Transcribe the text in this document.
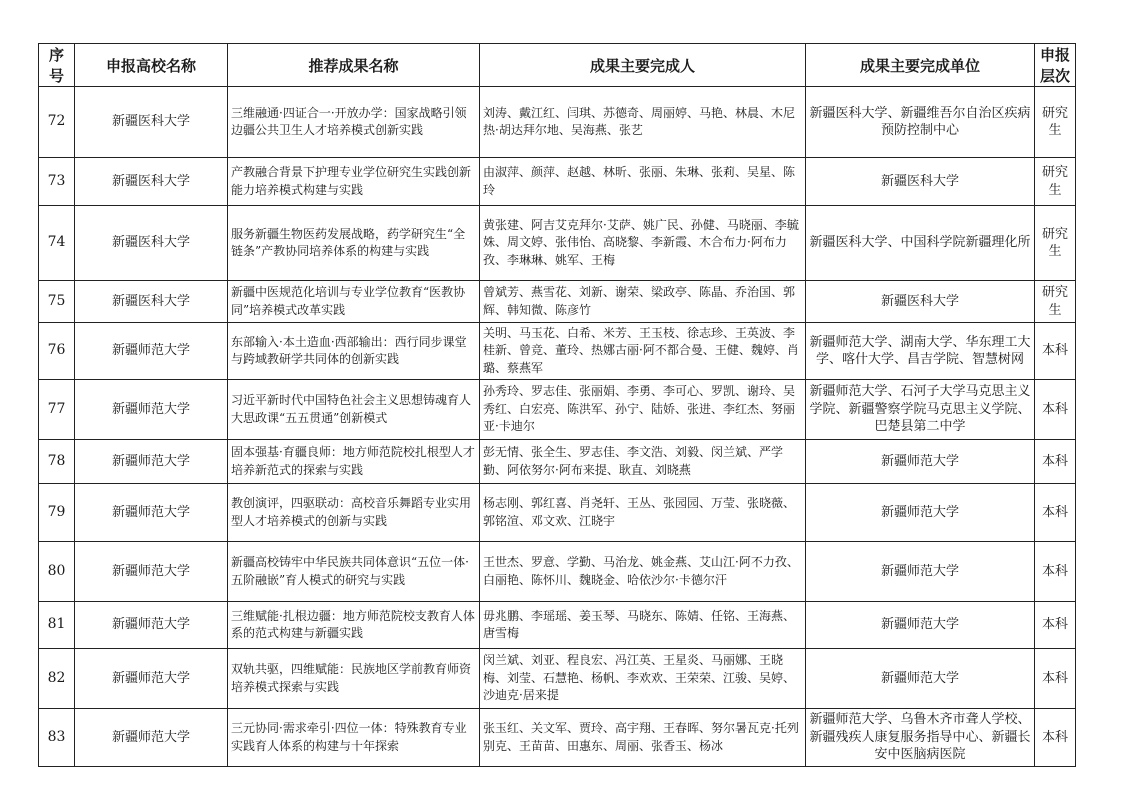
序号	申报高校名称	推荐成果名称	成果主要完成人	成果主要完成单位	申报层次
72	新疆医科大学	三维融通·四证合一·开放办学：国家战略引领边疆公共卫生人才培养模式创新实践	刘涛、戴江红、闫琪、苏德奇、周丽婷、马艳、林晨、木尼热·胡达拜尔地、吴海燕、张艺	新疆医科大学、新疆维吾尔自治区疾病预防控制中心	研究生
73	新疆医科大学	产教融合背景下护理专业学位研究生实践创新能力培养模式构建与实践	由淑萍、颜萍、赵越、林昕、张丽、朱琳、张莉、吴星、陈玲	新疆医科大学	研究生
74	新疆医科大学	服务新疆生物医药发展战略，药学研究生“全链条”产教协同培养体系的构建与实践	黄张建、阿吉艾克拜尔·艾萨、姚广民、孙健、马晓丽、李毓姝、周文婷、张伟怡、高晓黎、李新霞、木合布力·阿布力孜、李琳琳、姚军、王梅	新疆医科大学、中国科学院新疆理化所	研究生
75	新疆医科大学	新疆中医规范化培训与专业学位教育“医教协同”培养模式改革实践	曾斌芳、燕雪花、刘新、谢荣、梁政亭、陈晶、乔治国、郭辉、韩知微、陈彦竹	新疆医科大学	研究生
76	新疆师范大学	东部输入·本土造血·西部输出：西行同步课堂与跨域教研学共同体的创新实践	关明、马玉花、白希、米芳、王玉枝、徐志珍、王英波、李桂新、曾竞、董玲、热娜古丽·阿不都合曼、王健、魏婷、肖璐、蔡燕军	新疆师范大学、湖南大学、华东理工大学、喀什大学、昌吉学院、智慧树网	本科
77	新疆师范大学	习近平新时代中国特色社会主义思想铸魂育人大思政课“五五贯通”创新模式	孙秀玲、罗志佳、张丽娟、李勇、李可心、罗凯、谢玲、吴秀红、白宏亮、陈洪军、孙宁、陆娇、张进、李红杰、努丽亚·卡迪尔	新疆师范大学、石河子大学马克思主义学院、新疆警察学院马克思主义学院、巴楚县第二中学	本科
78	新疆师范大学	固本强基·育疆良师：地方师范院校扎根型人才培养新范式的探索与实践	彭无情、张全生、罗志佳、李文浩、刘毅、闵兰斌、严学勤、阿依努尔·阿布来提、耿直、刘晓燕	新疆师范大学	本科
79	新疆师范大学	教创演评，四驱联动：高校音乐舞蹈专业实用型人才培养模式的创新与实践	杨志刚、郭红喜、肖尧轩、王丛、张园园、万莹、张晓薇、郭铭渲、邓文欢、江晓宇	新疆师范大学	本科
80	新疆师范大学	新疆高校铸牢中华民族共同体意识“五位一体·五阶融嵌”育人模式的研究与实践	王世杰、罗意、学勤、马治龙、姚金燕、艾山江·阿不力孜、白丽艳、陈怀川、魏晓金、哈依沙尔·卡德尔汗	新疆师范大学	本科
81	新疆师范大学	三维赋能·扎根边疆：地方师范院校支教育人体系的范式构建与新疆实践	毋兆鹏、李瑶瑶、姜玉琴、马晓东、陈婧、任铭、王海燕、唐雪梅	新疆师范大学	本科
82	新疆师范大学	双轨共驱，四维赋能：民族地区学前教育师资培养模式探索与实践	闵兰斌、刘亚、程良宏、冯江英、王星炎、马丽娜、王晓梅、刘莹、石慧艳、杨帆、李欢欢、王荣荣、江骏、吴婷、沙迪克·居来提	新疆师范大学	本科
83	新疆师范大学	三元协同·需求牵引·四位一体：特殊教育专业实践育人体系的构建与十年探索	张玉红、关文军、贾玲、高宇翔、王春晖、努尔暑瓦克·托列别克、王苗苗、田惠东、周丽、张香玉、杨冰	新疆师范大学、乌鲁木齐市聋人学校、新疆残疾人康复服务指导中心、新疆长安中医脑病医院	本科
